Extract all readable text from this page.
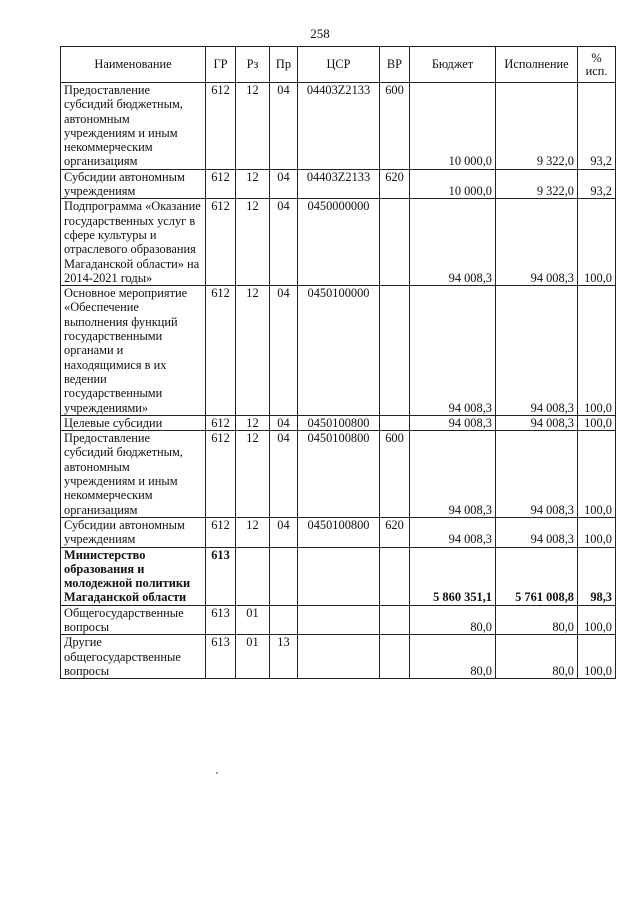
258
Наименование	ГР	Рз	Пр	ЦСР	ВР	Бюджет	Исполнение	% исп.
Предоставление субсидий бюджетным, автономным учреждениям и иным некоммерческим организациям	612	12	04	04403Z2133	600	10 000,0	9 322,0	93,2
Субсидии автономным учреждениям	612	12	04	04403Z2133	620	10 000,0	9 322,0	93,2
Подпрограмма «Оказание государственных услуг в сфере культуры и отраслевого образования Магаданской области» на 2014-2021 годы»	612	12	04	0450000000		94 008,3	94 008,3	100,0
Основное мероприятие «Обеспечение выполнения функций государственными органами и находящимися в их ведении государственными учреждениями»	612	12	04	0450100000		94 008,3	94 008,3	100,0
Целевые субсидии	612	12	04	0450100800		94 008,3	94 008,3	100,0
Предоставление субсидий бюджетным, автономным учреждениям и иным некоммерческим организациям	612	12	04	0450100800	600	94 008,3	94 008,3	100,0
Субсидии автономным учреждениям	612	12	04	0450100800	620	94 008,3	94 008,3	100,0
Министерство образования и молодежной политики Магаданской области	613					5 860 351,1	5 761 008,8	98,3
Общегосударственные вопросы	613	01				80,0	80,0	100,0
Другие общегосударственные вопросы	613	01	13			80,0	80,0	100,0
